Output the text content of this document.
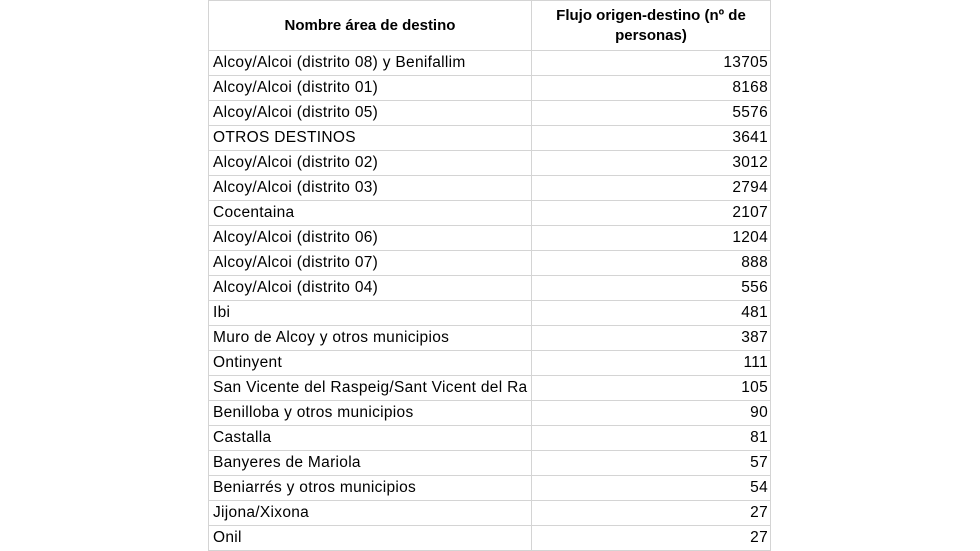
Nombre área de destino	Flujo origen-destino (nº de personas)
Alcoy/Alcoi (distrito 08) y Benifallim	13705
Alcoy/Alcoi (distrito 01)	8168
Alcoy/Alcoi (distrito 05)	5576
OTROS DESTINOS	3641
Alcoy/Alcoi (distrito 02)	3012
Alcoy/Alcoi (distrito 03)	2794
Cocentaina	2107
Alcoy/Alcoi (distrito 06)	1204
Alcoy/Alcoi (distrito 07)	888
Alcoy/Alcoi (distrito 04)	556
Ibi	481
Muro de Alcoy y otros municipios	387
Ontinyent	111
San Vicente del Raspeig/Sant Vicent del Ra	105
Benilloba y otros municipios	90
Castalla	81
Banyeres de Mariola	57
Beniarrés y otros municipios	54
Jijona/Xixona	27
Onil	27
